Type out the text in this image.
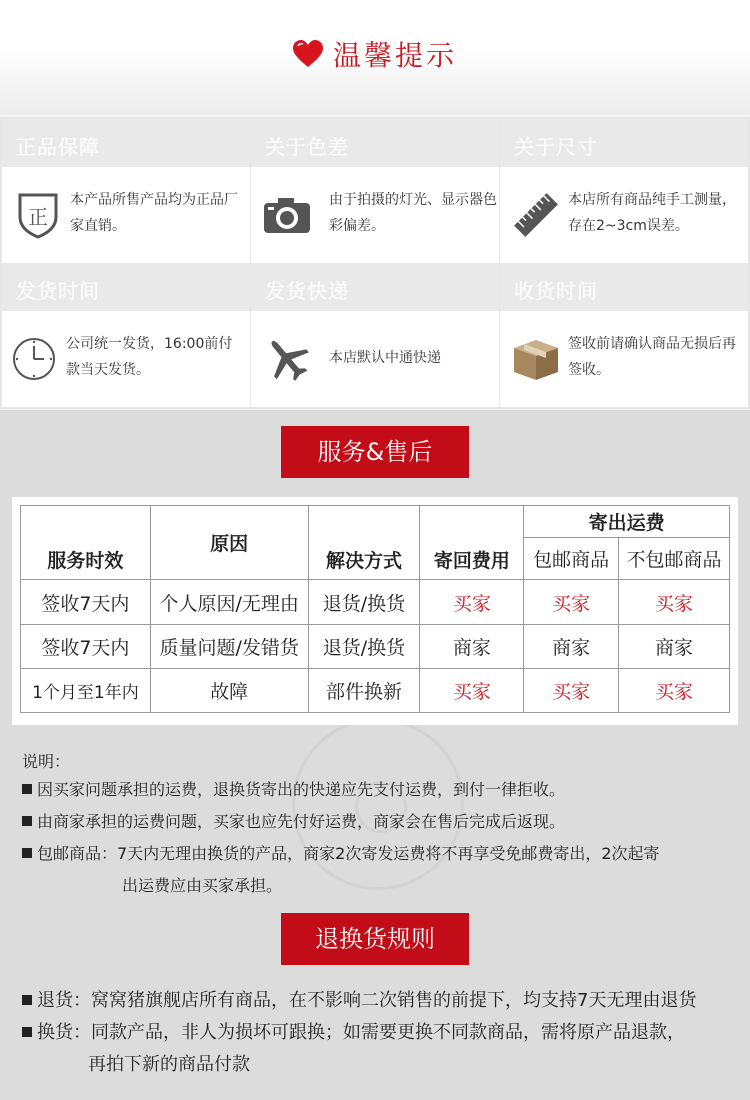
温馨提示
正品保障
正
本产品所售产品均为正品厂家直销。
关于色差
由于拍摄的灯光、显示器色彩偏差。
关于尺寸
本店所有商品纯手工测量，存在2~3cm误差。
发货时间
公司统一发货，16:00前付款当天发货。
发货快递
本店默认中通快递
收货时间
签收前请确认商品无损后再签收。
服务&售后
服务时效	原因	解决方式	寄回费用	寄出运费	
				包邮商品	不包邮商品
签收7天内	个人原因/无理由	退货/换货	买家	买家	买家
签收7天内	质量问题/发错货	退货/换货	商家	商家	商家
1个月至1年内	故障	部件换新	买家	买家	买家
说明：
因买家问题承担的运费，退换货寄出的快递应先支付运费，到付一律拒收。
由商家承担的运费问题，买家也应先付好运费，商家会在售后完成后返现。
包邮商品：7天内无理由换货的产品，商家2次寄发运费将不再享受免邮费寄出，2次起寄
出运费应由买家承担。
退换货规则
退货：窝窝猪旗舰店所有商品，在不影响二次销售的前提下，均支持7天无理由退货
换货：同款产品，非人为损坏可跟换；如需要更换不同款商品，需将原产品退款，
再拍下新的商品付款
